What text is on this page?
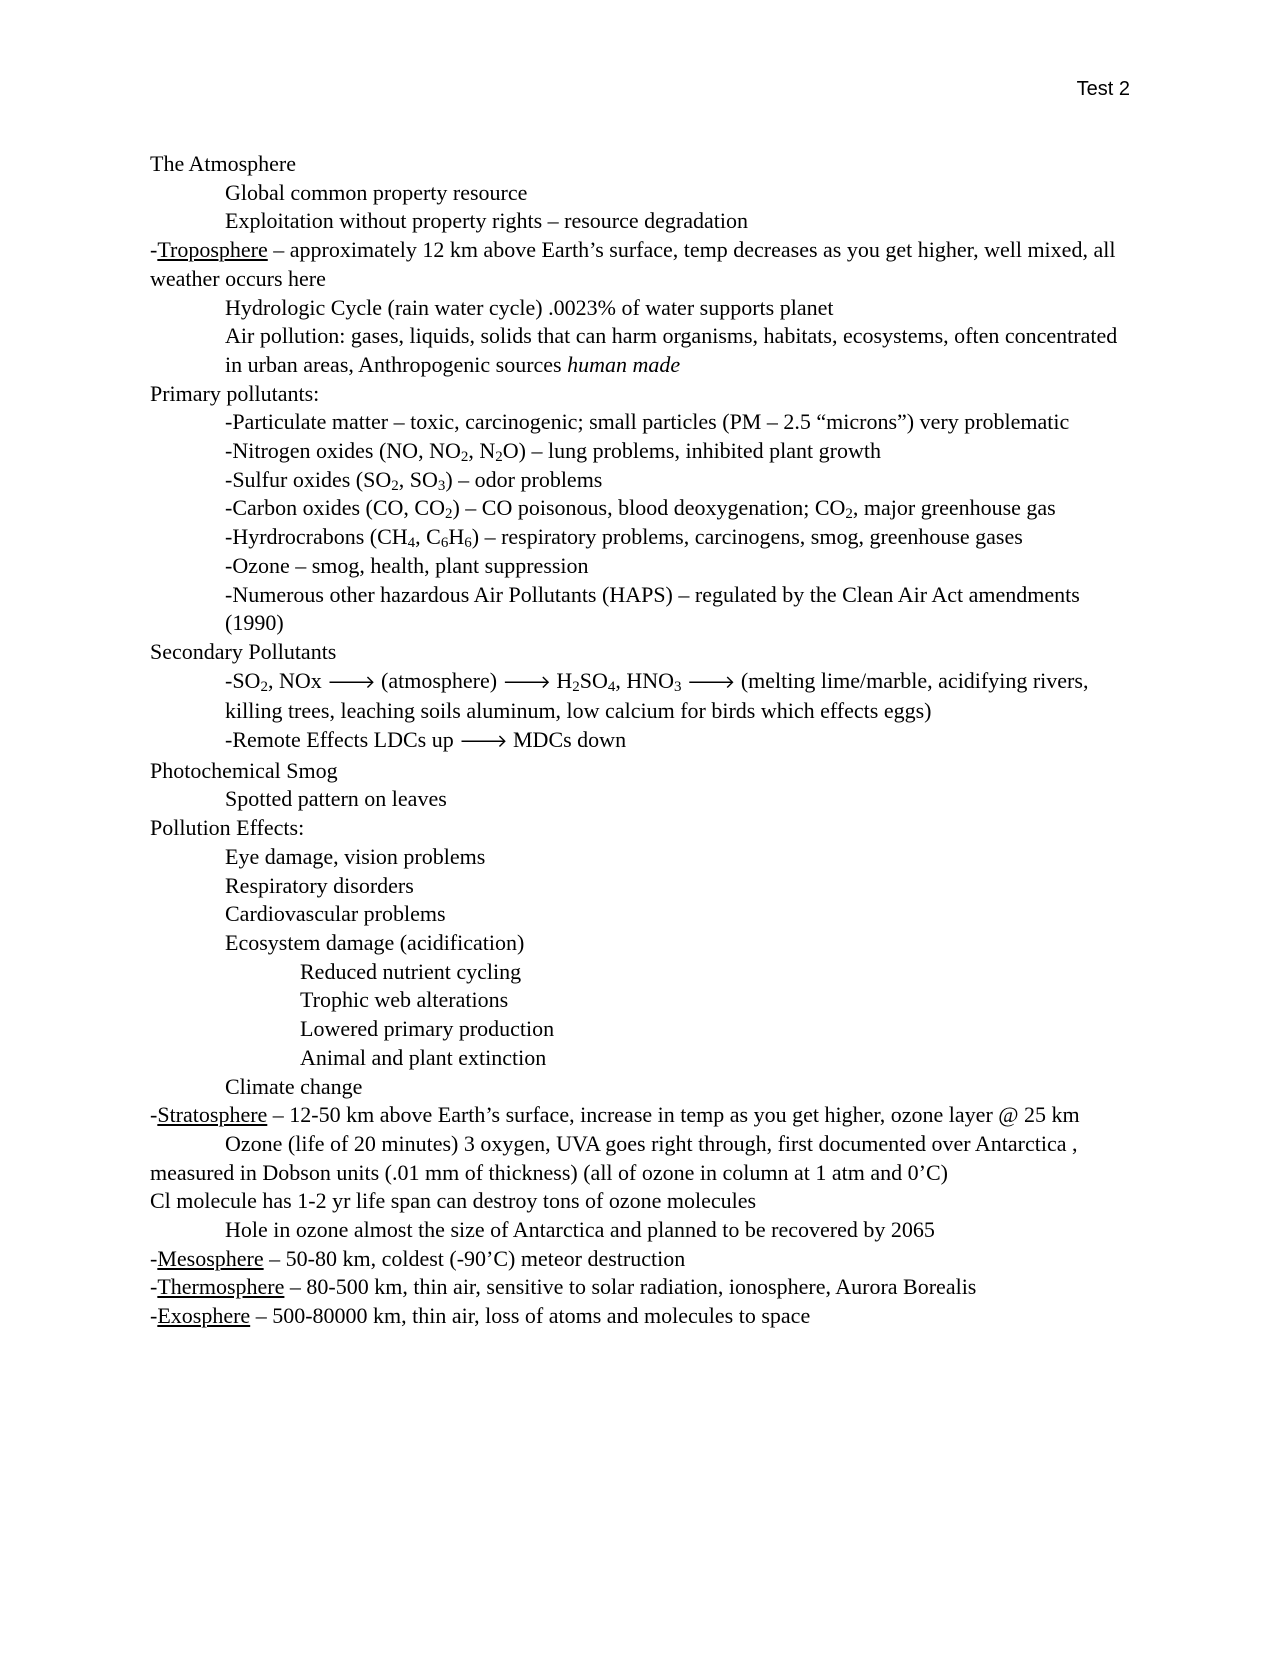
Test 2

The Atmosphere

Global common property resource

Exploitation without property rights – resource degradation

-Troposphere – approximately 12 km above Earth’s surface, temp decreases as you get higher, well mixed, all weather occurs here

Hydrologic Cycle (rain water cycle) .0023% of water supports planet

Air pollution: gases, liquids, solids that can harm organisms, habitats, ecosystems, often concentrated in urban areas, Anthropogenic sources human made

Primary pollutants:

-Particulate matter – toxic, carcinogenic; small particles (PM – 2.5 “microns”) very problematic

-Nitrogen oxides (NO, $NO_2$, $N_2O$) – lung problems, inhibited plant growth

-Sulfur oxides ($SO_2$, $SO_3$) – odor problems

-Carbon oxides (CO, $CO_2$) – CO poisonous, blood deoxygenation; $CO_2$, major greenhouse gas

-Hyrdrocrabons ($CH_4$, $C_6H_6$) – respiratory problems, carcinogens, smog, greenhouse gases

-Ozone – smog, health, plant suppression

-Numerous other hazardous Air Pollutants (HAPS) – regulated by the Clean Air Act amendments (1990)

Secondary Pollutants

$-SO_2$, NOx 🡒 (atmosphere) 🡒 $H_2SO_4$, $HNO_3$ 🡒 (melting lime/marble, acidifying rivers, killing trees, leaching soils aluminum, low calcium for birds which effects eggs)

-Remote Effects LDCs up 🡒 MDCs down

Photochemical Smog

Spotted pattern on leaves

Pollution Effects:

Eye damage, vision problems

Respiratory disorders

Cardiovascular problems

Ecosystem damage (acidification)

Reduced nutrient cycling

Trophic web alterations

Lowered primary production

Animal and plant extinction

Climate change

-Stratosphere – 12-50 km above Earth’s surface, increase in temp as you get higher, ozone layer @ 25 km

Ozone (life of 20 minutes) 3 oxygen, UVA goes right through, first documented over Antarctica , measured in Dobson units (.01 mm of thickness) (all of ozone in column at 1 atm and 0’C)

Cl molecule has 1-2 yr life span can destroy tons of ozone molecules

Hole in ozone almost the size of Antarctica and planned to be recovered by 2065

-Mesosphere – 50-80 km, coldest (-90’C) meteor destruction

-Thermosphere – 80-500 km, thin air, sensitive to solar radiation, ionosphere, Aurora Borealis

-Exosphere – 500-80000 km, thin air, loss of atoms and molecules to space
